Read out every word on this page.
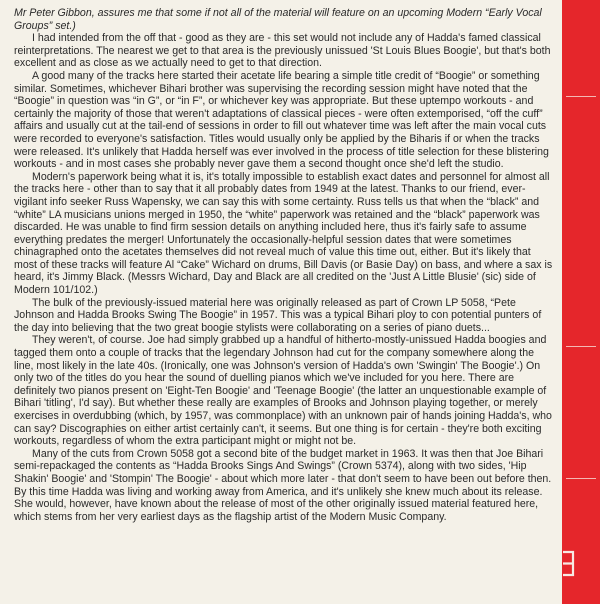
Mr Peter Gibbon, assures me that some if not all of the material will feature on an upcoming Modern “Early Vocal Groups” set.)

I had intended from the off that - good as they are - this set would not include any of Hadda's famed classical reinterpretations. The nearest we get to that area is the previously unissued 'St Louis Blues Boogie', but that's both excellent and as close as we actually need to get to that direction.

A good many of the tracks here started their acetate life bearing a simple title credit of “Boogie” or something similar. Sometimes, whichever Bihari brother was supervising the recording session might have noted that the “Boogie” in question was “in G”, or “in F”, or whichever key was appropriate. But these uptempo workouts - and certainly the majority of those that weren't adaptations of classical pieces - were often extemporised, “off the cuff” affairs and usually cut at the tail-end of sessions in order to fill out whatever time was left after the main vocal cuts were recorded to everyone's satisfaction. Titles would usually only be applied by the Biharis if or when the tracks were released. It's unlikely that Hadda herself was ever involved in the process of title selection for these blistering workouts - and in most cases she probably never gave them a second thought once she'd left the studio.

Modern's paperwork being what it is, it's totally impossible to establish exact dates and personnel for almost all the tracks here - other than to say that it all probably dates from 1949 at the latest. Thanks to our friend, ever-vigilant info seeker Russ Wapensky, we can say this with some certainty. Russ tells us that when the “black” and “white” LA musicians unions merged in 1950, the “white” paperwork was retained and the “black” paperwork was discarded. He was unable to find firm session details on anything included here, thus it's fairly safe to assume everything predates the merger! Unfortunately the occasionally-helpful session dates that were sometimes chinagraphed onto the acetates themselves did not reveal much of value this time out, either. But it's likely that most of these tracks will feature Al “Cake” Wichard on drums, Bill Davis (or Basie Day) on bass, and where a sax is heard, it's Jimmy Black. (Messrs Wichard, Day and Black are all credited on the 'Just A Little Blusie' (sic) side of Modern 101/102.)

The bulk of the previously-issued material here was originally released as part of Crown LP 5058, “Pete Johnson and Hadda Brooks Swing The Boogie” in 1957. This was a typical Bihari ploy to con potential punters of the day into believing that the two great boogie stylists were collaborating on a series of piano duets...

They weren't, of course. Joe had simply grabbed up a handful of hitherto-mostly-unissued Hadda boogies and tagged them onto a couple of tracks that the legendary Johnson had cut for the company somewhere along the line, most likely in the late 40s. (Ironically, one was Johnson's version of Hadda's own 'Swingin' The Boogie'.) On only two of the titles do you hear the sound of duelling pianos which we've included for you here. There are definitely two pianos present on 'Eight-Ten Boogie' and 'Teenage Boogie' (the latter an unquestionable example of Bihari 'titling', I'd say). But whether these really are examples of Brooks and Johnson playing together, or merely exercises in overdubbing (which, by 1957, was commonplace) with an unknown pair of hands joining Hadda's, who can say? Discographies on either artist certainly can't, it seems. But one thing is for certain - they're both exciting workouts, regardless of whom the extra participant might or might not be.

Many of the cuts from Crown 5058 got a second bite of the budget market in 1963. It was then that Joe Bihari semi-repackaged the contents as “Hadda Brooks Sings And Swings” (Crown 5374), along with two sides, 'Hip Shakin' Boogie' and 'Stompin' The Boogie' - about which more later - that don't seem to have been out before then. By this time Hadda was living and working away from America, and it's unlikely she knew much about its release. She would, however, have known about the release of most of the other originally issued material featured here, which stems from her very earliest days as the flagship artist of the Modern Music Company.
